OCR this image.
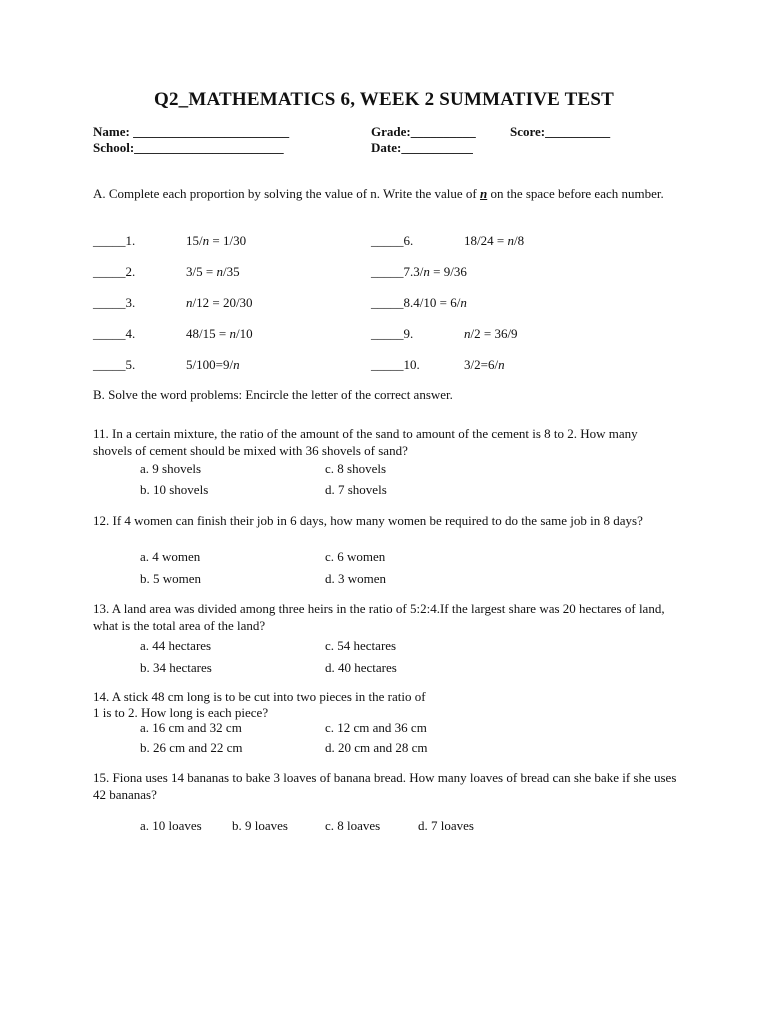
Q2_MATHEMATICS 6, WEEK 2 SUMMATIVE TEST
Name: ________________________	Grade:__________	Score:__________
School:_______________________	Date:___________
A. Complete each proportion by solving the value of n. Write the value of n on the space before each number.
_____1.	15/n = 1/30
_____2.	3/5 = n/35
_____3.	n/12 = 20/30
_____4.	48/15 = n/10
_____5.	5/100=9/n
_____6.	18/24 = n/8
_____7.3/n = 9/36
_____8.4/10 = 6/n
_____9.	n/2 = 36/9
_____10.	3/2=6/n
B. Solve the word problems: Encircle the letter of the correct answer.
11. In a certain mixture, the ratio of the amount of the sand to amount of the cement is 8 to 2. How many shovels of cement should be mixed with 36 shovels of sand?
a. 9 shovels	c. 8 shovels
b. 10 shovels	d. 7 shovels
12. If 4 women can finish their job in 6 days, how many women be required to do the same job in 8 days?
a. 4 women	c. 6 women
b. 5 women	d. 3 women
13. A land area was divided among three heirs in the ratio of 5:2:4.If the largest share was 20 hectares of land, what is the total area of the land?
a. 44 hectares	c. 54 hectares
b. 34 hectares	d. 40 hectares
14. A stick 48 cm long is to be cut into two pieces in the ratio of
1 is to 2. How long is each piece?
a. 16 cm and 32 cm	c. 12 cm and 36 cm
b. 26 cm and 22 cm	d. 20 cm and 28 cm
15. Fiona uses 14 bananas to bake 3 loaves of banana bread. How many loaves of bread can she bake if she uses 42 bananas?
a. 10 loaves b. 9 loaves	c. 8 loaves	d. 7 loaves
